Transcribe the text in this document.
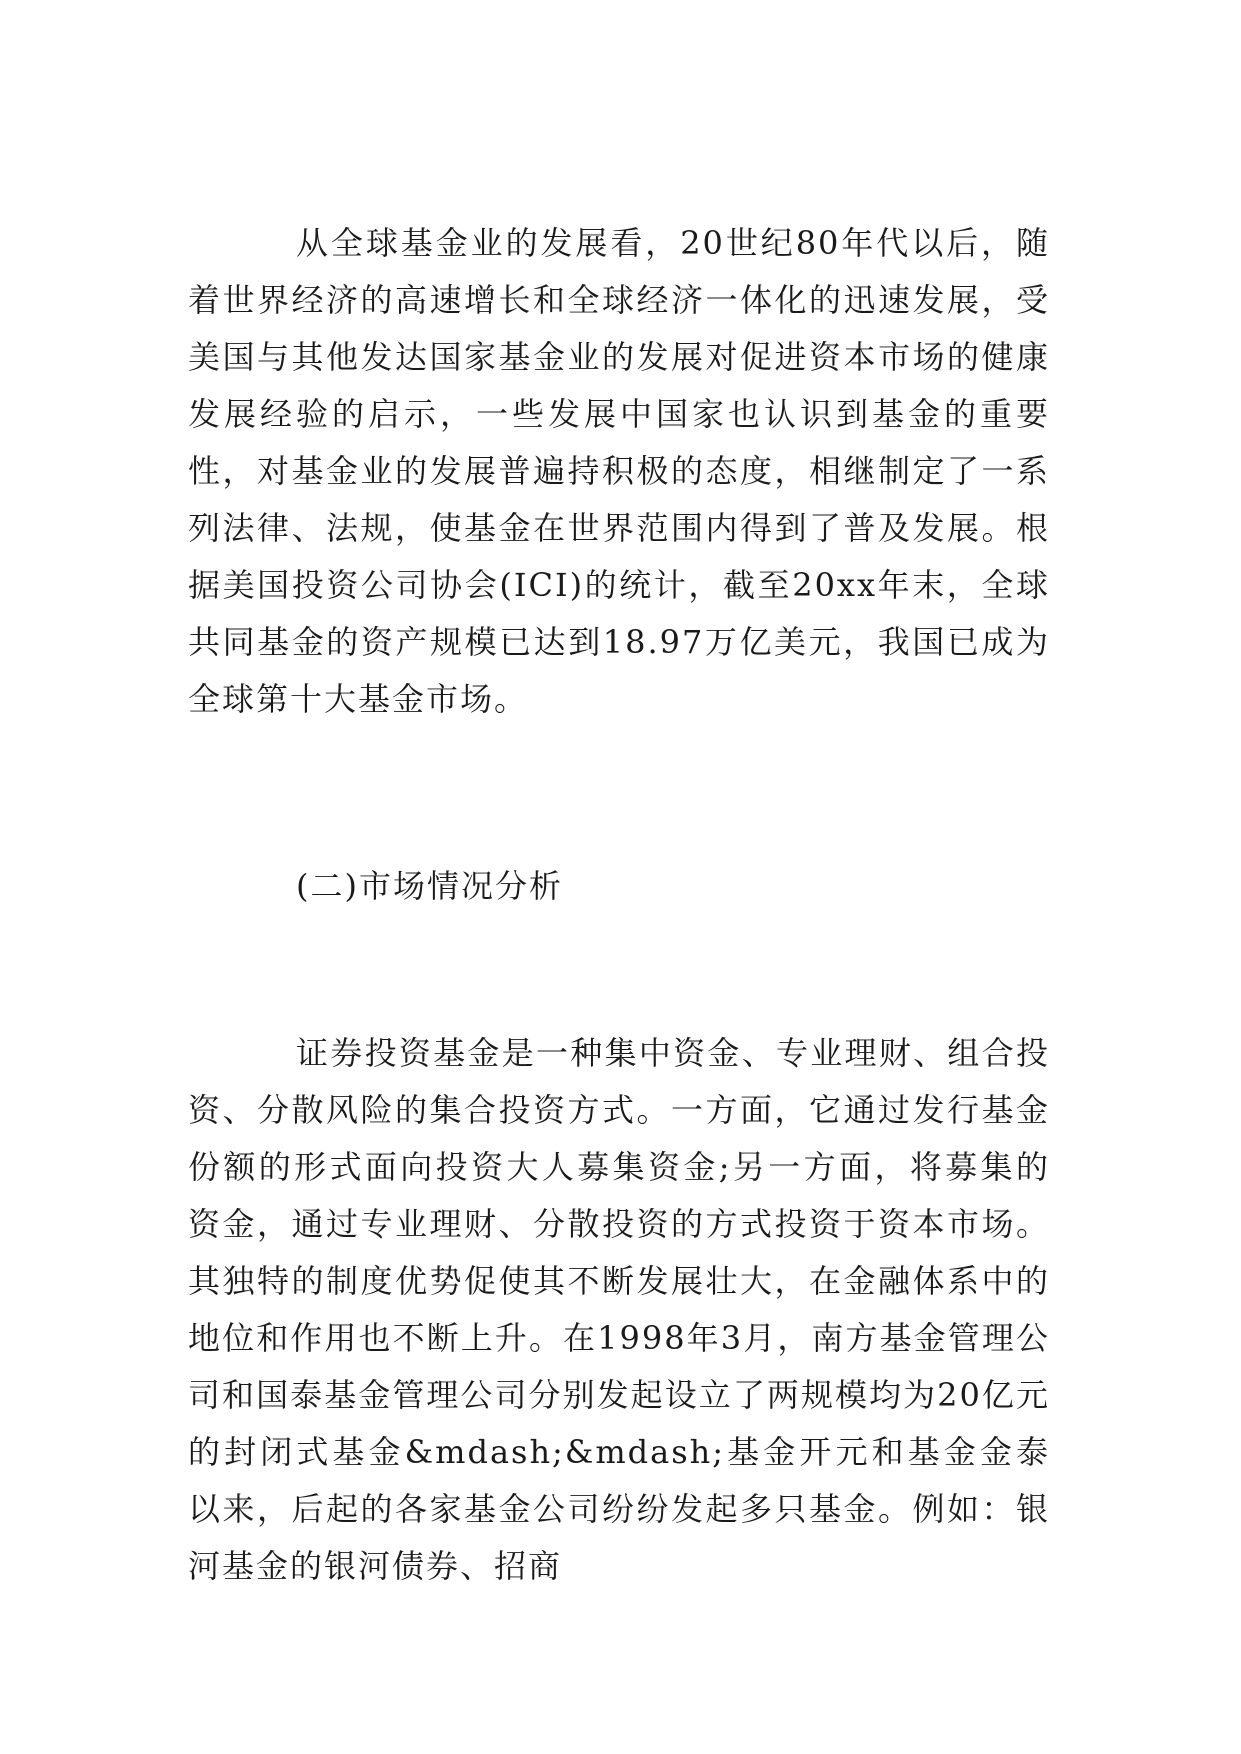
从全球基金业的发展看，20世纪80年代以后，随着世界经济的高速增长和全球经济一体化的迅速发展，受美国与其他发达国家基金业的发展对促进资本市场的健康发展经验的启示，一些发展中国家也认识到基金的重要性，对基金业的发展普遍持积极的态度，相继制定了一系列法律、法规，使基金在世界范围内得到了普及发展。根据美国投资公司协会(ICI)的统计，截至20xx年末，全球共同基金的资产规模已达到18.97万亿美元，我国已成为全球第十大基金市场。

(二)市场情况分析

证券投资基金是一种集中资金、专业理财、组合投资、分散风险的集合投资方式。一方面，它通过发行基金份额的形式面向投资大人募集资金;另一方面，将募集的资金，通过专业理财、分散投资的方式投资于资本市场。其独特的制度优势促使其不断发展壮大，在金融体系中的地位和作用也不断上升。在1998年3月，南方基金管理公司和国泰基金管理公司分别发起设立了两规模均为20亿元的封闭式基金&mdash;&mdash;基金开元和基金金泰以来，后起的各家基金公司纷纷发起多只基金。例如：银河基金的银河债券、招商
